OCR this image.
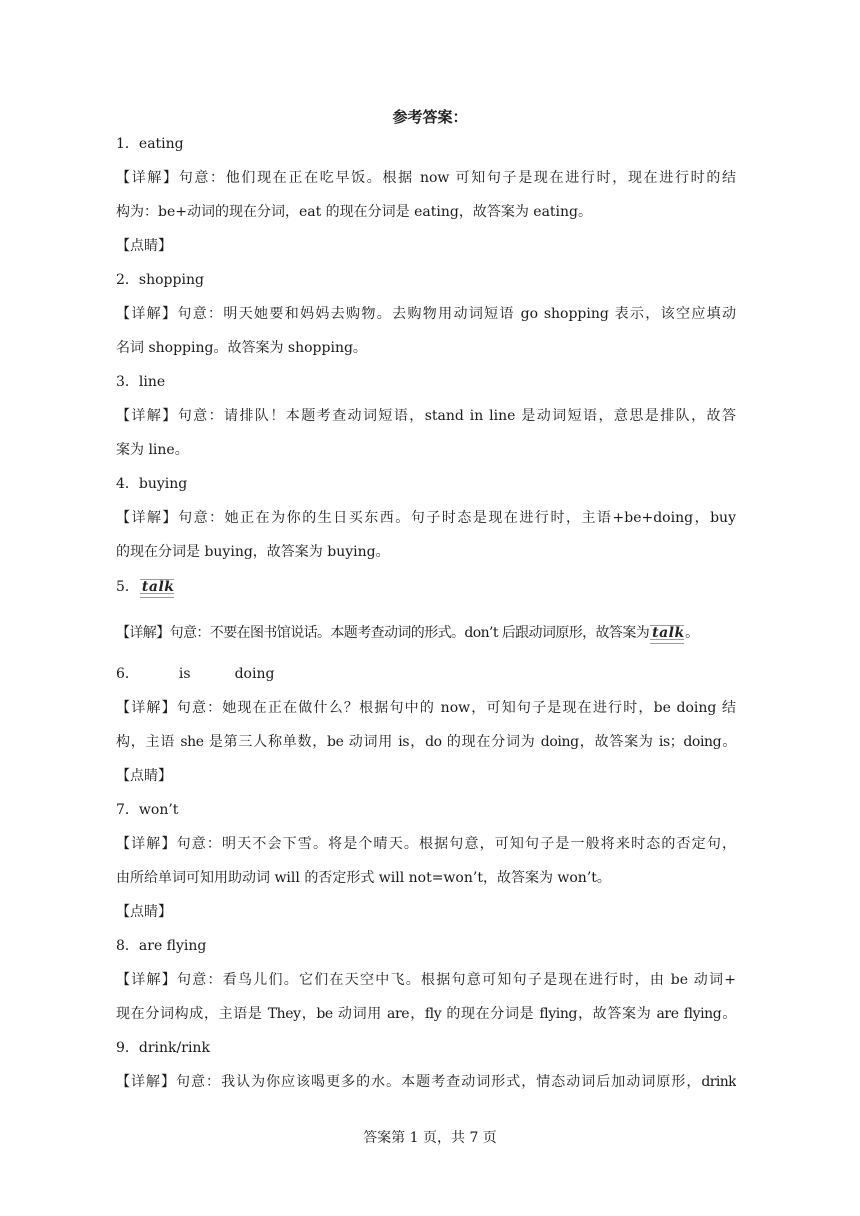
参考答案：
1．eating
【详解】句意：他们现在正在吃早饭。根据 now 可知句子是现在进行时，现在进行时的结
构为：be+动词的现在分词，eat 的现在分词是 eating，故答案为 eating。
【点睛】
2．shopping
【详解】句意：明天她要和妈妈去购物。去购物用动词短语 go shopping 表示，该空应填动
名词 shopping。故答案为 shopping。
3．line
【详解】句意：请排队！本题考查动词短语，stand in line 是动词短语，意思是排队，故答
案为 line。
4．buying
【详解】句意：她正在为你的生日买东西。句子时态是现在进行时，主语+be+doing，buy
的现在分词是 buying，故答案为 buying。
5． talk
【详解】句意：不要在图书馆说话。本题考查动词的形式。don’t 后跟动词原形，故答案为 talk 。
6．	is	doing
【详解】句意：她现在正在做什么？根据句中的 now，可知句子是现在进行时，be doing 结
构，主语 she 是第三人称单数，be 动词用 is，do 的现在分词为 doing，故答案为 is；doing。
【点睛】
7．won’t
【详解】句意：明天不会下雪。将是个晴天。根据句意，可知句子是一般将来时态的否定句，
由所给单词可知用助动词 will 的否定形式 will not=won’t，故答案为 won’t。
【点睛】
8．are flying
【详解】句意：看鸟儿们。它们在天空中飞。根据句意可知句子是现在进行时，由 be 动词+
现在分词构成，主语是 They，be 动词用 are，fly 的现在分词是 flying，故答案为 are flying。
9．drink/rink
【详解】句意：我认为你应该喝更多的水。本题考查动词形式，情态动词后加动词原形，drink
答案第 1 页，共 7 页
